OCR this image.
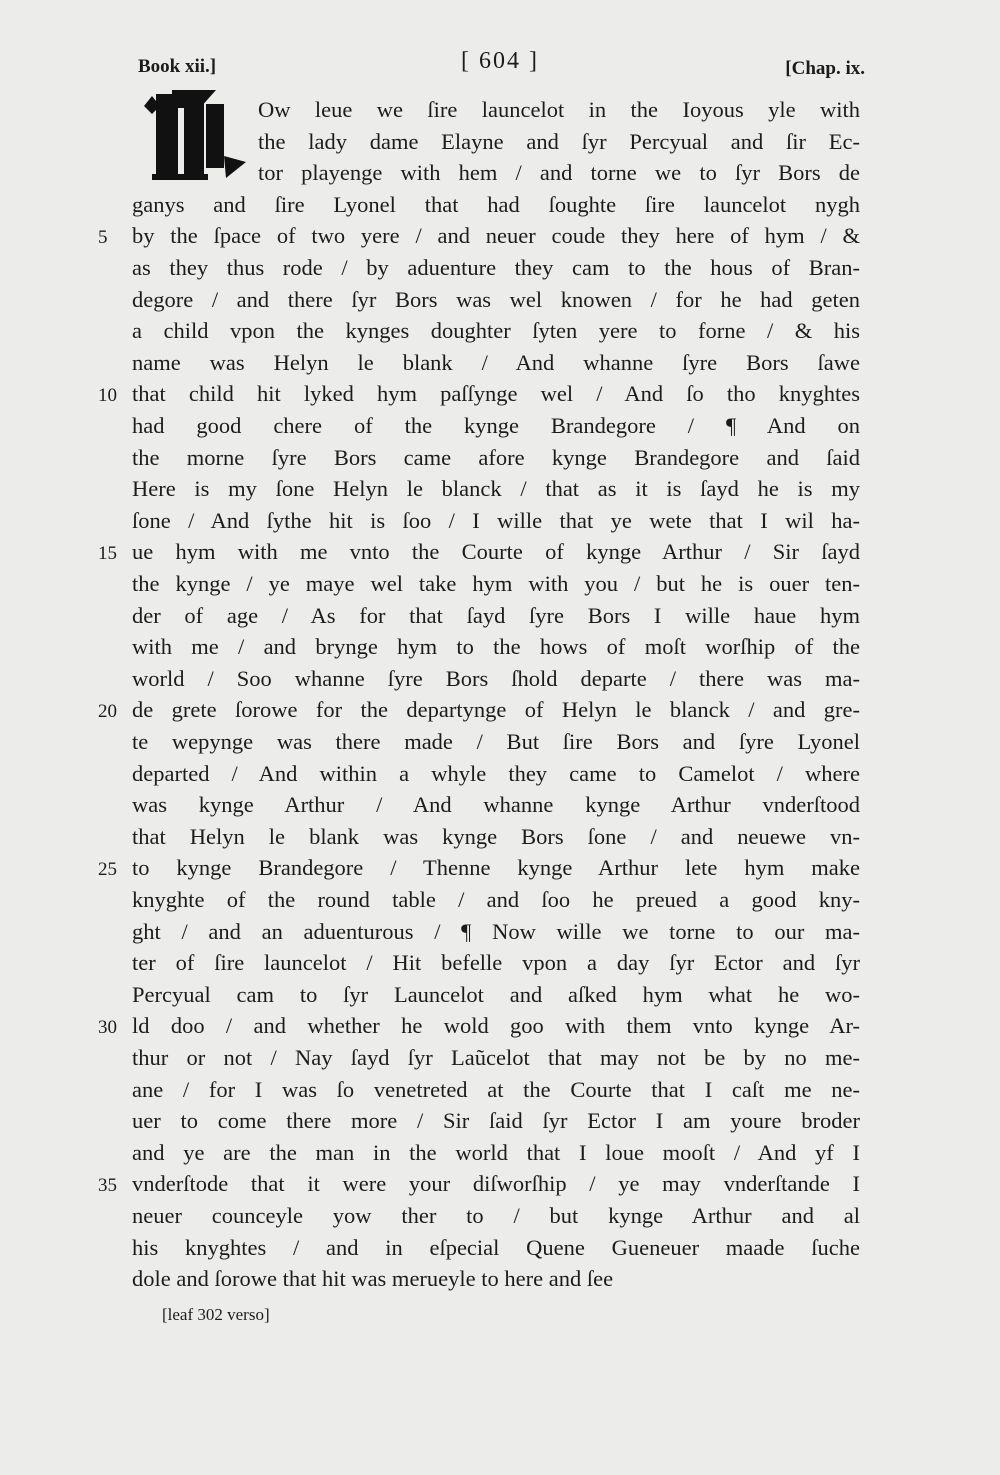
Book xii.]	[ 604 ]	[Chap. ix.
Ow leue we ſire launcelot in the Ioyous yle with
the lady dame Elayne and ſyr Percyual and ſir Ec-
tor playenge with hem / and torne we to ſyr Bors de
ganys and ſire Lyonel that had ſoughte ſire launcelot nygh
by the ſpace of two yere / and neuer coude they here of hym / &
as they thus rode / by aduenture they cam to the hous of Bran-
degore / and there ſyr Bors was wel knowen / for he had geten
a child vpon the kynges doughter ſyten yere to forne / & his
name was Helyn le blank / And whanne ſyre Bors ſawe
that child hit lyked hym paſſynge wel / And ſo tho knyghtes
had good chere of the kynge Brandegore / ¶ And on
the morne ſyre Bors came afore kynge Brandegore and ſaid
Here is my ſone Helyn le blanck / that as it is ſayd he is my
ſone / And ſythe hit is ſoo / I wille that ye wete that I wil ha-
ue hym with me vnto the Courte of kynge Arthur / Sir ſayd
the kynge / ye maye wel take hym with you / but he is ouer ten-
der of age / As for that ſayd ſyre Bors I wille haue hym
with me / and brynge hym to the hows of moſt worſhip of the
world / Soo whanne ſyre Bors ſhold departe / there was ma-
de grete ſorowe for the departynge of Helyn le blanck / and gre-
te wepynge was there made / But ſire Bors and ſyre Lyonel
departed / And within a whyle they came to Camelot / where
was kynge Arthur / And whanne kynge Arthur vnderſtood
that Helyn le blank was kynge Bors ſone / and neuewe vn-
to kynge Brandegore / Thenne kynge Arthur lete hym make
knyghte of the round table / and ſoo he preued a good kny-
ght / and an aduenturous / ¶ Now wille we torne to our ma-
ter of ſire launcelot / Hit befelle vpon a day ſyr Ector and ſyr
Percyual cam to ſyr Launcelot and aſked hym what he wo-
ld doo / and whether he wold goo with them vnto kynge Ar-
thur or not / Nay ſayd ſyr Laũcelot that may not be by no me-
ane / for I was ſo venetreted at the Courte that I caſt me ne-
uer to come there more / Sir ſaid ſyr Ector I am youre broder
and ye are the man in the world that I loue mooſt / And yf I
vnderſtode that it were your diſworſhip / ye may vnderſtande I
neuer counceyle yow ther to / but kynge Arthur and al
his knyghtes / and in eſpecial Quene Gueneuer maade ſuche
dole and ſorowe that hit was merueyle to here and ſee
5
10
15
20
25
30
35
[leaf 302 verso]
